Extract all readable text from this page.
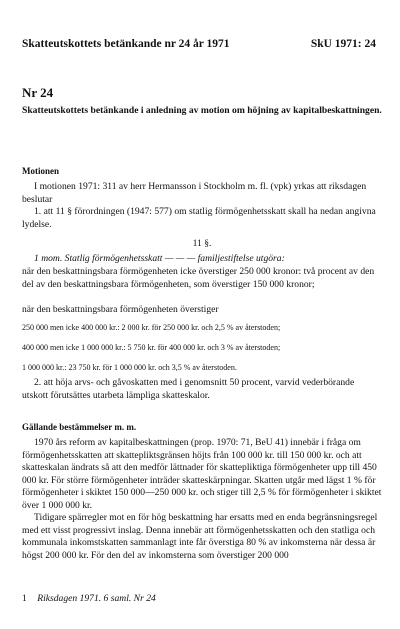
Skatteutskottets betänkande nr 24 år 1971	SkU 1971: 24
Nr 24
Skatteutskottets betänkande i anledning av motion om höjning av kapitalbeskattningen.
Motionen
I motionen 1971: 311 av herr Hermansson i Stockholm m. fl. (vpk) yrkas att riksdagen beslutar
1. att 11 § förordningen (1947: 577) om statlig förmögenhetsskatt skall ha nedan angivna lydelse.
11 §.
1 mom. Statlig förmögenhetsskatt — — — familjestiftelse utgöra:
när den beskattningsbara förmögenheten icke överstiger 250 000 kronor: två procent av den del av den beskattningsbara förmögenheten, som överstiger 150 000 kronor;
när den beskattningsbara förmögenheten överstiger
250 000 men icke 400 000 kr.: 2 000 kr. för 250 000 kr. och 2,5 % av återstoden;
400 000 men icke 1 000 000 kr.: 5 750 kr. för 400 000 kr. och 3 % av återstoden;
1 000 000 kr.: 23 750 kr. för 1 000 000 kr. och 3,5 % av återstoden.
2. att höja arvs- och gåvoskatten med i genomsnitt 50 procent, varvid vederbörande utskott förutsättes utarbeta lämpliga skatteskalor.
Gällande bestämmelser m. m.
1970 års reform av kapitalbeskattningen (prop. 1970: 71, BeU 41) innebär i fråga om förmögenhetsskatten att skattepliktsgränsen höjts från 100 000 kr. till 150 000 kr. och att skatteskalan ändrats så att den medför lättnader för skattepliktiga förmögenheter upp till 450 000 kr. För större förmögenheter inträder skatteskärpningar. Skatten utgår med lägst 1 % för förmögenheter i skiktet 150 000—250 000 kr. och stiger till 2,5 % för förmögenheter i skiktet över 1 000 000 kr.
Tidigare spärregler mot en för hög beskattning har ersatts med en enda begränsningsregel med ett visst progressivt inslag. Denna innebär att förmögenhetsskatten och den statliga och kommunala inkomstskatten sammanlagt inte får överstiga 80 % av inkomsterna när dessa är högst 200 000 kr. För den del av inkomsterna som överstiger 200 000
1 Riksdagen 1971. 6 saml. Nr 24
